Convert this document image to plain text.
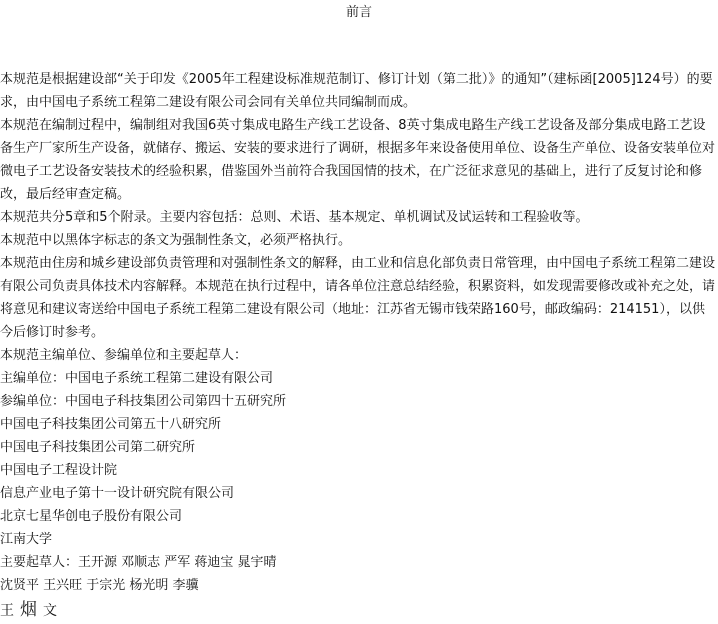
前言

本规范是根据建设部“关于印发《2005年工程建设标准规范制订、修订计划（第二批）》的通知”（建标函[2005]124号）的要求，由中国电子系统工程第二建设有限公司会同有关单位共同编制而成。

本规范在编制过程中，编制组对我国6英寸集成电路生产线工艺设备、8英寸集成电路生产线工艺设备及部分集成电路工艺设备生产厂家所生产设备，就储存、搬运、安装的要求进行了调研，根据多年来设备使用单位、设备生产单位、设备安装单位对微电子工艺设备安装技术的经验积累，借鉴国外当前符合我国国情的技术，在广泛征求意见的基础上，进行了反复讨论和修改，最后经审查定稿。

本规范共分5章和5个附录。主要内容包括：总则、术语、基本规定、单机调试及试运转和工程验收等。

本规范中以黑体字标志的条文为强制性条文，必须严格执行。

本规范由住房和城乡建设部负责管理和对强制性条文的解释，由工业和信息化部负责日常管理，由中国电子系统工程第二建设有限公司负责具体技术内容解释。本规范在执行过程中，请各单位注意总结经验，积累资料，如发现需要修改或补充之处，请将意见和建议寄送给中国电子系统工程第二建设有限公司（地址：江苏省无锡市钱荣路160号，邮政编码：214151），以供今后修订时参考。

本规范主编单位、参编单位和主要起草人：

主编单位：中国电子系统工程第二建设有限公司

参编单位：中国电子科技集团公司第四十五研究所

中国电子科技集团公司第五十八研究所

中国电子科技集团公司第二研究所

中国电子工程设计院

信息产业电子第十一设计研究院有限公司

北京七星华创电子股份有限公司

江南大学

主要起草人：王开源 邓顺志 严军 蒋迪宝 晁宇晴

沈贤平 王兴旺 于宗光 杨光明 李骥

王烟文
